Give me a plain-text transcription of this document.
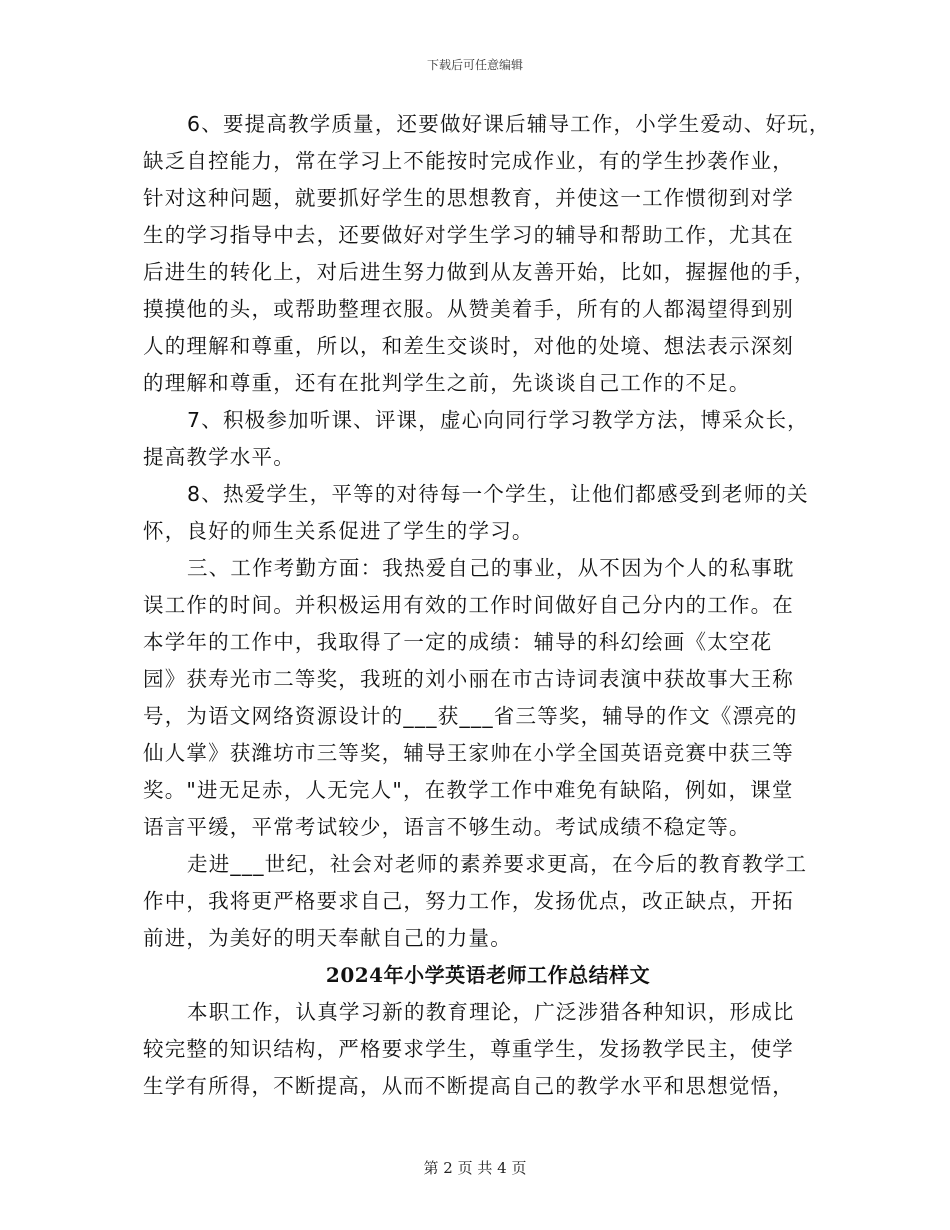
下载后可任意编辑
6、要提高教学质量，还要做好课后辅导工作，小学生爱动、好玩，
缺乏自控能力，常在学习上不能按时完成作业，有的学生抄袭作业，
针对这种问题，就要抓好学生的思想教育，并使这一工作惯彻到对学
生的学习指导中去，还要做好对学生学习的辅导和帮助工作，尤其在
后进生的转化上，对后进生努力做到从友善开始，比如，握握他的手，
摸摸他的头，或帮助整理衣服。从赞美着手，所有的人都渴望得到别
人的理解和尊重，所以，和差生交谈时，对他的处境、想法表示深刻
的理解和尊重，还有在批判学生之前，先谈谈自己工作的不足。
7、积极参加听课、评课，虚心向同行学习教学方法，博采众长，
提高教学水平。
8、热爱学生，平等的对待每一个学生，让他们都感受到老师的关
怀，良好的师生关系促进了学生的学习。
三、工作考勤方面：我热爱自己的事业，从不因为个人的私事耽
误工作的时间。并积极运用有效的工作时间做好自己分内的工作。在
本学年的工作中，我取得了一定的成绩：辅导的科幻绘画《太空花
园》获寿光市二等奖，我班的刘小丽在市古诗词表演中获故事大王称
号，为语文网络资源设计的___获___省三等奖，辅导的作文《漂亮的
仙人掌》获潍坊市三等奖，辅导王家帅在小学全国英语竞赛中获三等
奖。"进无足赤，人无完人"，在教学工作中难免有缺陷，例如，课堂
语言平缓，平常考试较少，语言不够生动。考试成绩不稳定等。
走进___世纪，社会对老师的素养要求更高，在今后的教育教学工
作中，我将更严格要求自己，努力工作，发扬优点，改正缺点，开拓
前进，为美好的明天奉献自己的力量。
2024年小学英语老师工作总结样文
本职工作，认真学习新的教育理论，广泛涉猎各种知识，形成比
较完整的知识结构，严格要求学生，尊重学生，发扬教学民主，使学
生学有所得，不断提高，从而不断提高自己的教学水平和思想觉悟，
第 2 页 共 4 页
